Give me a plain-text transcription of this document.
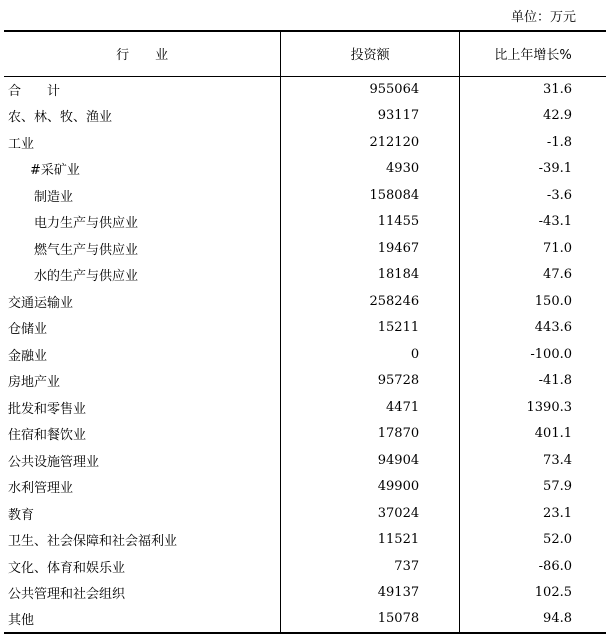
单位：万元
行　　业	投资额	比上年增长%
合　　计	955064	31.6
农、林、牧、渔业	93117	42.9
工业	212120	-1.8
#采矿业	4930	-39.1
制造业	158084	-3.6
电力生产与供应业	11455	-43.1
燃气生产与供应业	19467	71.0
水的生产与供应业	18184	47.6
交通运输业	258246	150.0
仓储业	15211	443.6
金融业	0	-100.0
房地产业	95728	-41.8
批发和零售业	4471	1390.3
住宿和餐饮业	17870	401.1
公共设施管理业	94904	73.4
水利管理业	49900	57.9
教育	37024	23.1
卫生、社会保障和社会福利业	11521	52.0
文化、体育和娱乐业	737	-86.0
公共管理和社会组织	49137	102.5
其他	15078	94.8
